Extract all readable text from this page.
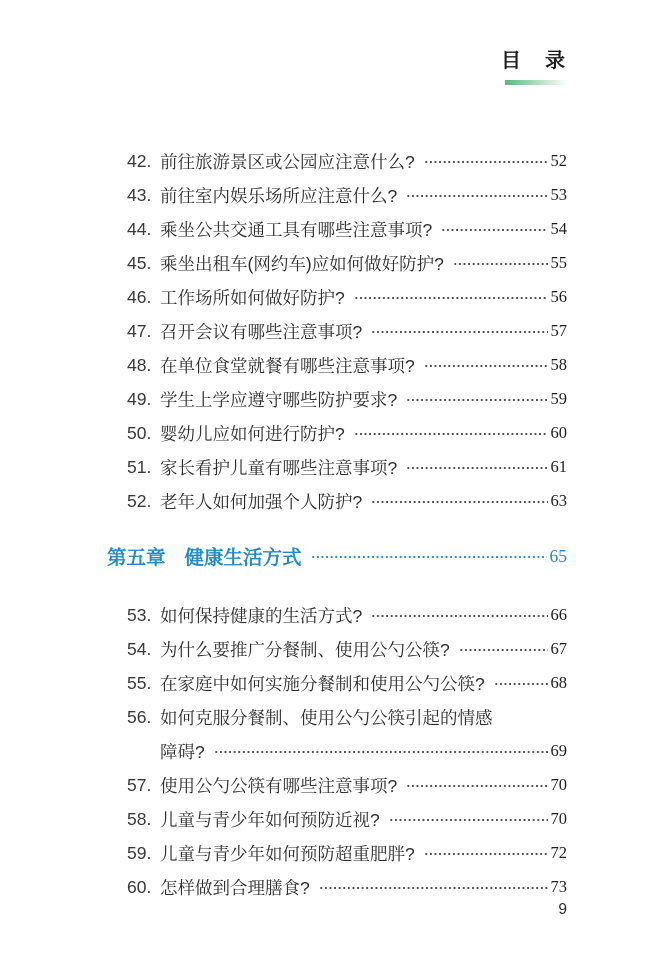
目　录
42. 前往旅游景区或公园应注意什么?	52
43. 前往室内娱乐场所应注意什么?	53
44. 乘坐公共交通工具有哪些注意事项?	54
45. 乘坐出租车(网约车)应如何做好防护?	55
46. 工作场所如何做好防护?	56
47. 召开会议有哪些注意事项?	57
48. 在单位食堂就餐有哪些注意事项?	58
49. 学生上学应遵守哪些防护要求?	59
50. 婴幼儿应如何进行防护?	60
51. 家长看护儿童有哪些注意事项?	61
52. 老年人如何加强个人防护?	63
第五章 健康生活方式	65
53. 如何保持健康的生活方式?	66
54. 为什么要推广分餐制、使用公勺公筷?	67
55. 在家庭中如何实施分餐制和使用公勺公筷?	68
56. 如何克服分餐制、使用公勺公筷引起的情感
障碍?	69
57. 使用公勺公筷有哪些注意事项?	70
58. 儿童与青少年如何预防近视?	70
59. 儿童与青少年如何预防超重肥胖?	72
60. 怎样做到合理膳食?	73
9
